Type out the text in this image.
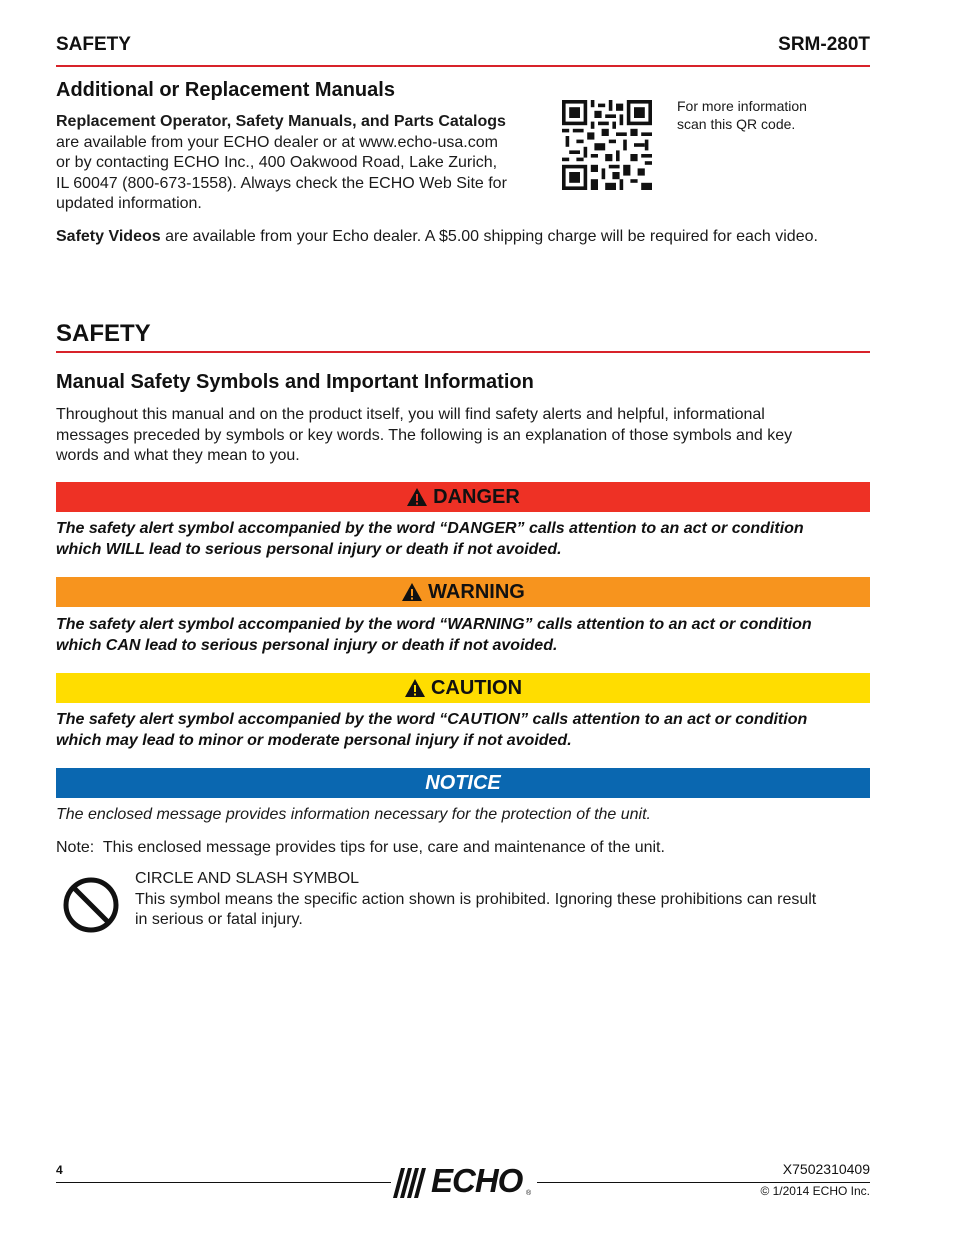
SAFETY	SRM-280T
Additional or Replacement Manuals
Replacement Operator, Safety Manuals, and Parts Catalogs
are available from your ECHO dealer or at www.echo-usa.com
or by contacting ECHO Inc., 400 Oakwood Road, Lake Zurich,
IL 60047 (800-673-1558). Always check the ECHO Web Site for
updated information.
For more information
scan this QR code.
Safety Videos are available from your Echo dealer. A $5.00 shipping charge will be required for each video.
SAFETY
Manual Safety Symbols and Important Information
Throughout this manual and on the product itself, you will find safety alerts and helpful, informational
messages preceded by symbols or key words. The following is an explanation of those symbols and key
words and what they mean to you.
DANGER
The safety alert symbol accompanied by the word “DANGER” calls attention to an act or condition
which WILL lead to serious personal injury or death if not avoided.
WARNING
The safety alert symbol accompanied by the word “WARNING” calls attention to an act or condition
which CAN lead to serious personal injury or death if not avoided.
CAUTION
The safety alert symbol accompanied by the word “CAUTION” calls attention to an act or condition
which may lead to minor or moderate personal injury if not avoided.
NOTICE
The enclosed message provides information necessary for the protection of the unit.
Note:  This enclosed message provides tips for use, care and maintenance of the unit.
CIRCLE AND SLASH SYMBOL
This symbol means the specific action shown is prohibited. Ignoring these prohibitions can result
in serious or fatal injury.
4	ECHO ®
X7502310409
© 1/2014 ECHO Inc.
